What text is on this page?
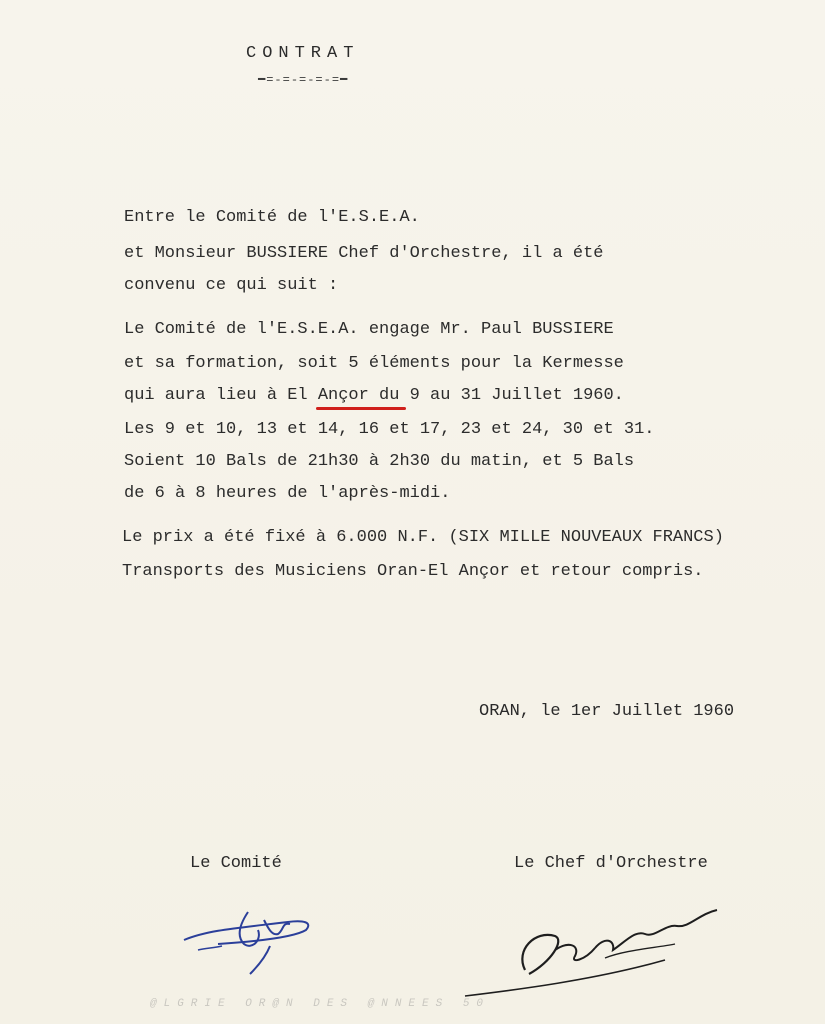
CONTRAT
━=-=-=-=-=━
Entre le Comité de l'E.S.E.A.
et Monsieur BUSSIERE Chef d'Orchestre, il a été
convenu ce qui suit :
Le Comité de l'E.S.E.A. engage Mr. Paul BUSSIERE
et sa formation, soit 5 éléments pour la Kermesse
qui aura lieu à El Ançor du 9 au 31 Juillet 1960.
Les 9 et 10, 13 et 14, 16 et 17, 23 et 24, 30 et 31.
Soient 10 Bals de 21h30 à 2h30 du matin, et 5 Bals
de 6 à 8 heures de l'après-midi.
Le prix a été fixé à 6.000 N.F. (SIX MILLE NOUVEAUX FRANCS)
Transports des Musiciens Oran-El Ançor et retour compris.
ORAN, le 1er Juillet 1960
Le Comité	Le Chef d'Orchestre
@LGRIE OR@N DES @NNEES 50
